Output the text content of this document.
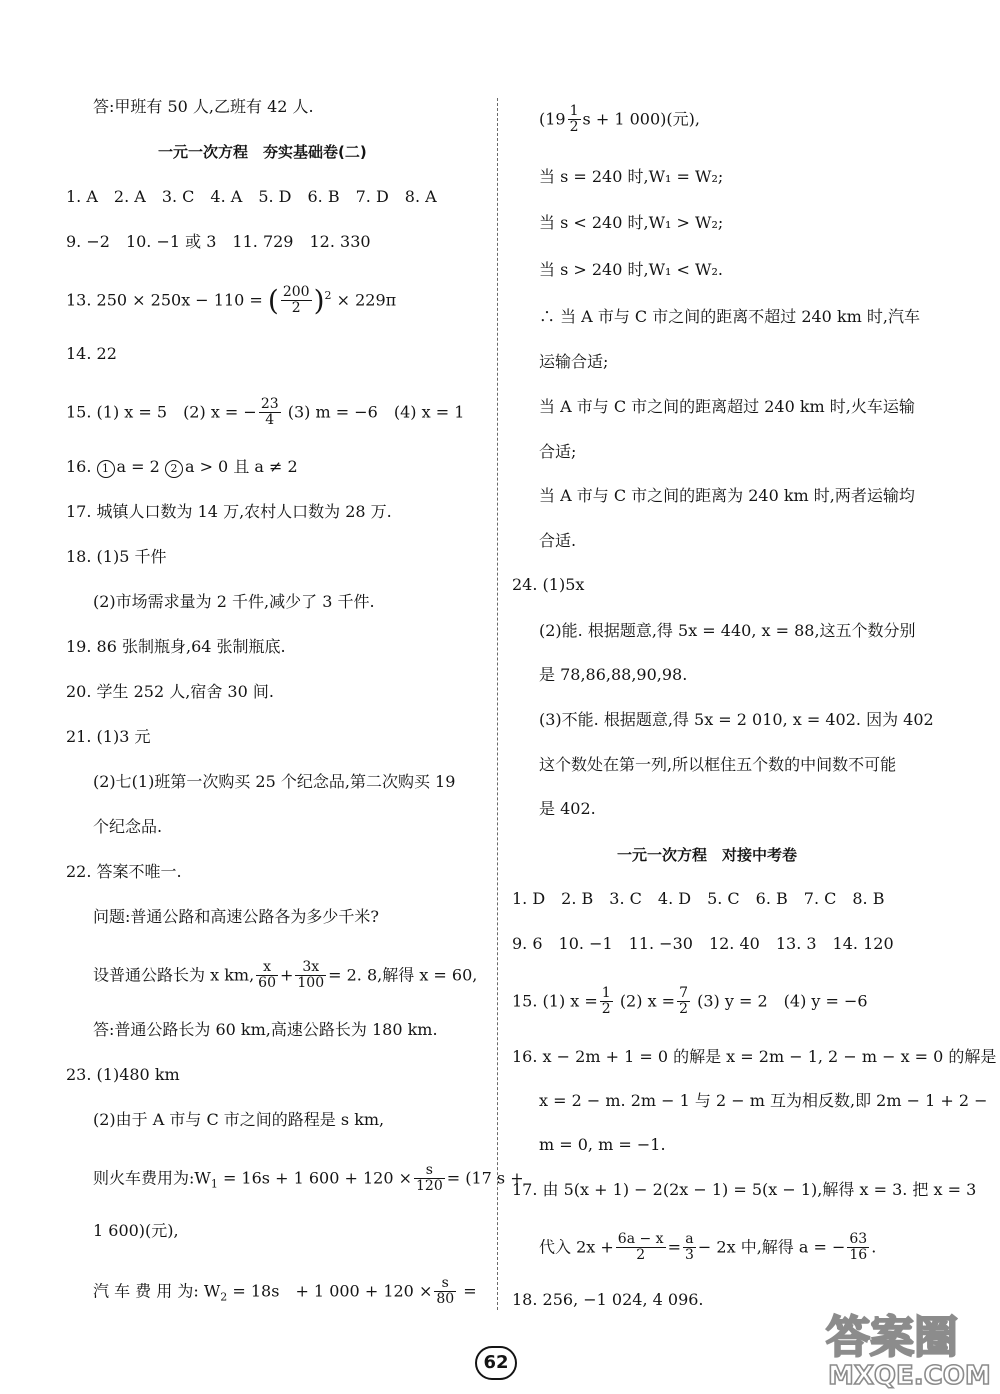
答:甲班有 50 人,乙班有 42 人.
一元一次方程　夯实基础卷(二)
1. A　2. A　3. C　4. A　5. D　6. B　7. D　8. A
9. −2　10. −1 或 3　11. 729　12. 330
13. 250 × 250x − 110 = ( $\frac{200}{2} )^2 \times 229\pi$
14. 22
15. (1) x = 5　(2) x = − $\frac{23}{4} (3) m = -6$　(4) x = 1
16. 1 a = 2 2 a > 0 且 a ≠ 2
17. 城镇人口数为 14 万,农村人口数为 28 万.
18. (1)5 千件
(2)市场需求量为 2 千件,减少了 3 千件.
19. 86 张制瓶身,64 张制瓶底.
20. 学生 252 人,宿舍 30 间.
21. (1)3 元
(2)七(1)班第一次购买 25 个纪念品,第二次购买 19
个纪念品.
22. 答案不唯一.
问题:普通公路和高速公路各为多少千米?
设普通公路长为 x km, $\frac{x}{60} + \frac{3x}{100} = 2$. 8,解得 x = 60,
答:普通公路长为 60 km,高速公路长为 180 km.
23. (1)480 km
(2)由于 A 市与 C 市之间的路程是 s km,
则火车费用为$:W_1 = 16s + 1$ $600 + 120 \times \frac{s}{120} = (17$ s +
1 600)(元),
汽 车 费 用 为: $W_2 = 18s$　+ 1 $000 + 120 \times \frac{s}{80}$ =
($19 \frac{1}{2}$ s + 1 000)(元),
当 s = 240 时,W₁ = W₂;
当 s < 240 时,W₁ > W₂;
当 s > 240 时,W₁ < W₂.
∴ 当 A 市与 C 市之间的距离不超过 240 km 时,汽车
运输合适;
当 A 市与 C 市之间的距离超过 240 km 时,火车运输
合适;
当 A 市与 C 市之间的距离为 240 km 时,两者运输均
合适.
24. (1)5x
(2)能. 根据题意,得 5x = 440, x = 88,这五个数分别
是 78,86,88,90,98.
(3)不能. 根据题意,得 5x = 2 010, x = 402. 因为 402
这个数处在第一列,所以框住五个数的中间数不可能
是 402.
一元一次方程　对接中考卷
1. D　2. B　3. C　4. D　5. C　6. B　7. C　8. B
9. 6　10. −1　11. −30　12. 40　13. 3　14. 120
15. (1) $x = \frac{1}{2} (2) x = \frac{7}{2} (3) y = 2$　(4) y = −6
16. x − 2m + 1 = 0 的解是 x = 2m − 1, 2 − m − x = 0 的解是
x = 2 − m. 2m − 1 与 2 − m 互为相反数,即 2m − 1 + 2 −
m = 0, m = −1.
17. 由 5(x + 1) − 2(2x − 1) = 5(x − 1),解得 x = 3. 把 x = 3
代入 $2x + \frac{6a - x}{2} = \frac{a}{3} - 2x$ 中,解得 a = − $\frac{63}{16}$ .
18. 256, −1 024, 4 096.
62	答案圈
MXQE.COM
